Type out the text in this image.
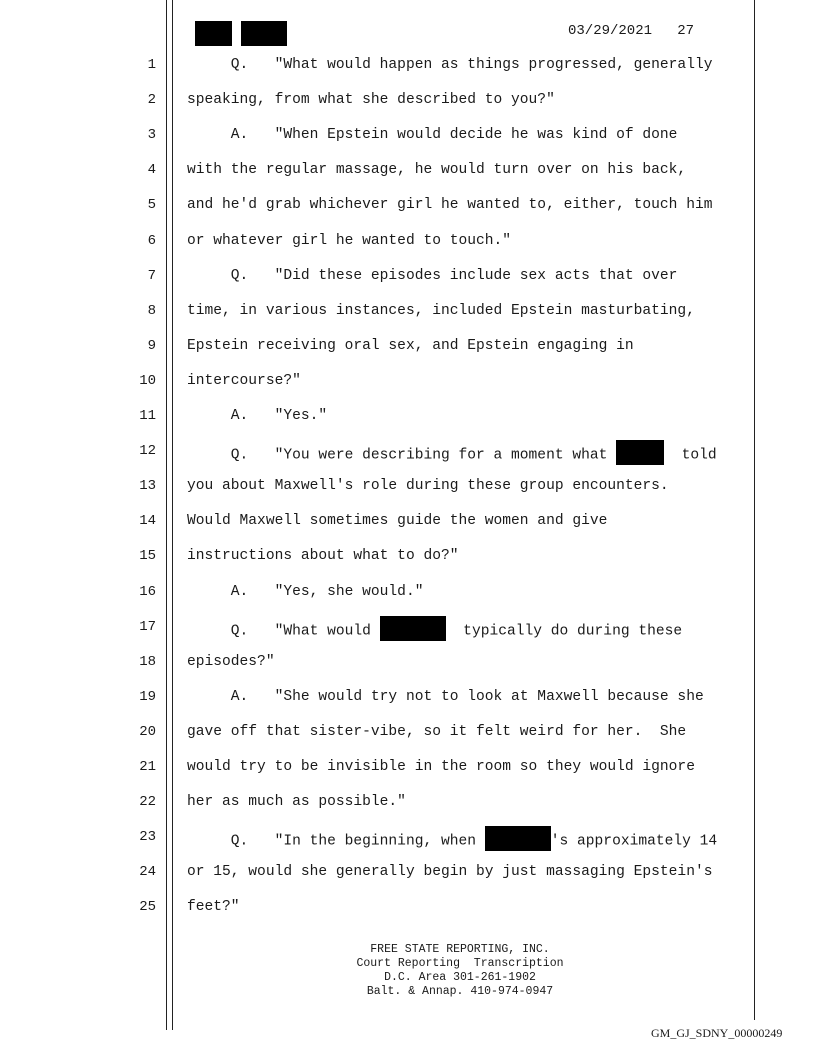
03/29/2021   27
1 Q.   "What would happen as things progressed, generally
2 speaking, from what she described to you?"
3 A.   "When Epstein would decide he was kind of done
4 with the regular massage, he would turn over on his back,
5 and he'd grab whichever girl he wanted to, either, touch him
6 or whatever girl he wanted to touch."
7 Q.   "Did these episodes include sex acts that over
8 time, in various instances, included Epstein masturbating,
9 Epstein receiving oral sex, and Epstein engaging in
10 intercourse?"
11 A.   "Yes."
12 Q.   "You were describing for a moment what	told
13 you about Maxwell's role during these group encounters.
14 Would Maxwell sometimes guide the women and give
15 instructions about what to do?"
16 A.   "Yes, she would."
17 Q.   "What would	typically do during these
18 episodes?"
19 A.   "She would try not to look at Maxwell because she
20 gave off that sister-vibe, so it felt weird for her.  She
21 would try to be invisible in the room so they would ignore
22 her as much as possible."
23 Q.   "In the beginning, when	's approximately 14
24 or 15, would she generally begin by just massaging Epstein's
25 feet?"
FREE STATE REPORTING, INC.
Court Reporting  Transcription
D.C. Area 301-261-1902
Balt. & Annap. 410-974-0947
GM_GJ_SDNY_00000249
